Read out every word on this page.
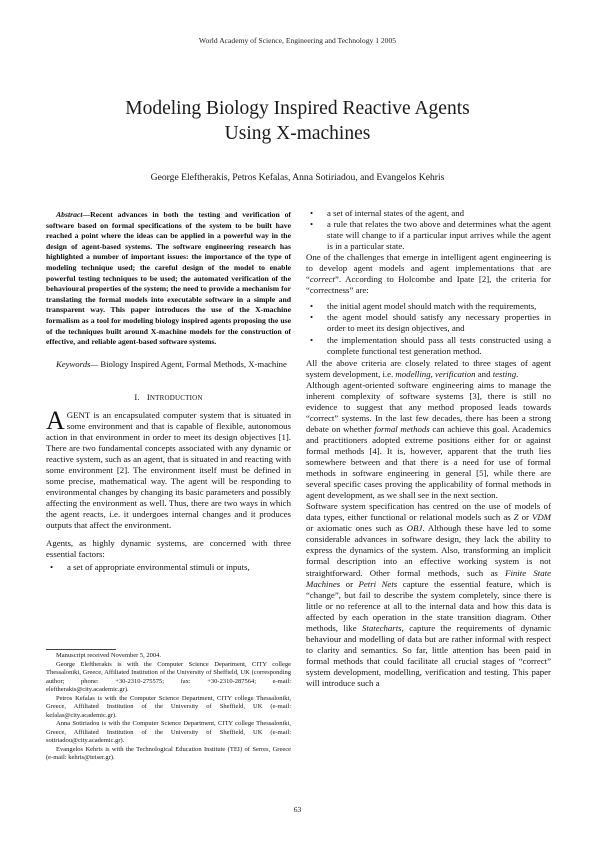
World Academy of Science, Engineering and Technology 1 2005
Modeling Biology Inspired Reactive Agents
Using X-machines
George Eleftherakis, Petros Kefalas, Anna Sotiriadou, and Evangelos Kehris

Abstract—Recent advances in both the testing and verification of software based on formal specifications of the system to be built have reached a point where the ideas can be applied in a powerful way in the design of agent-based systems. The software engineering research has highlighted a number of important issues: the importance of the type of modeling technique used; the careful design of the model to enable powerful testing techniques to be used; the automated verification of the behavioural properties of the system; the need to provide a mechanism for translating the formal models into executable software in a simple and transparent way. This paper introduces the use of the X-machine formalism as a tool for modeling biology inspired agents proposing the use of the techniques built around X-machine models for the construction of effective, and reliable agent-based software systems.

Keywords— Biology Inspired Agent, Formal Methods, X-machine

I. INTRODUCTION

AGENT is an encapsulated computer system that is situated in some environment and that is capable of flexible, autonomous action in that environment in order to meet its design objectives [1]. There are two fundamental concepts associated with any dynamic or reactive system, such as an agent, that is situated in and reacting with some environment [2]. The environment itself must be defined in some precise, mathematical way. The agent will be responding to environmental changes by changing its basic parameters and possibly affecting the environment as well. Thus, there are two ways in which the agent reacts, i.e. it undergoes internal changes and it produces outputs that affect the environment.

Agents, as highly dynamic systems, are concerned with three essential factors:

• a set of appropriate environmental stimuli or inputs,

Manuscript received November 5, 2004.

George Eleftherakis is with the Computer Science Department, CITY college Thessaloniki, Greece, Affiliated Institution of the University of Sheffield, UK (corresponding author; phone: +30-2310-275575; fax: +30-2310-287564; e-mail: eleftherakis@city.academic.gr).

Petros Kefalas is with the Computer Science Department, CITY college Thessaloniki, Greece, Affiliated Institution of the University of Sheffield, UK (e-mail: kefalas@city.academic.gr).

Anna Sotiriadou is with the Computer Science Department, CITY college Thessaloniki, Greece, Affiliated Institution of the University of Sheffield, UK (e-mail: sotiriadou@city.academic.gr).

Evangelos Kehris is with the Technological Education Institute (TEI) of Serres, Greece (e-mail: kehris@teiser.gr).

• a set of internal states of the agent, and
• a rule that relates the two above and determines what the agent state will change to if a particular input arrives while the agent is in a particular state.

One of the challenges that emerge in intelligent agent engineering is to develop agent models and agent implementations that are “correct”. According to Holcombe and Ipate [2], the criteria for “correctness” are:

• the initial agent model should match with the requirements,
• the agent model should satisfy any necessary properties in order to meet its design objectives, and
• the implementation should pass all tests constructed using a complete functional test generation method.

All the above criteria are closely related to three stages of agent system development, i.e. modelling, verification and testing.

Although agent-oriented software engineering aims to manage the inherent complexity of software systems [3], there is still no evidence to suggest that any method proposed leads towards “correct” systems. In the last few decades, there has been a strong debate on whether formal methods can achieve this goal. Academics and practitioners adopted extreme positions either for or against formal methods [4]. It is, however, apparent that the truth lies somewhere between and that there is a need for use of formal methods in software engineering in general [5], while there are several specific cases proving the applicability of formal methods in agent development, as we shall see in the next section.

Software system specification has centred on the use of models of data types, either functional or relational models such as Z or VDM or axiomatic ones such as OBJ. Although these have led to some considerable advances in software design, they lack the ability to express the dynamics of the system. Also, transforming an implicit formal description into an effective working system is not straightforward. Other formal methods, such as Finite State Machines or Petri Nets capture the essential feature, which is “change”, but fail to describe the system completely, since there is little or no reference at all to the internal data and how this data is affected by each operation in the state transition diagram. Other methods, like Statecharts, capture the requirements of dynamic behaviour and modelling of data but are rather informal with respect to clarity and semantics. So far, little attention has been paid in formal methods that could facilitate all crucial stages of “correct” system development, modelling, verification and testing. This paper will introduce such a

63
